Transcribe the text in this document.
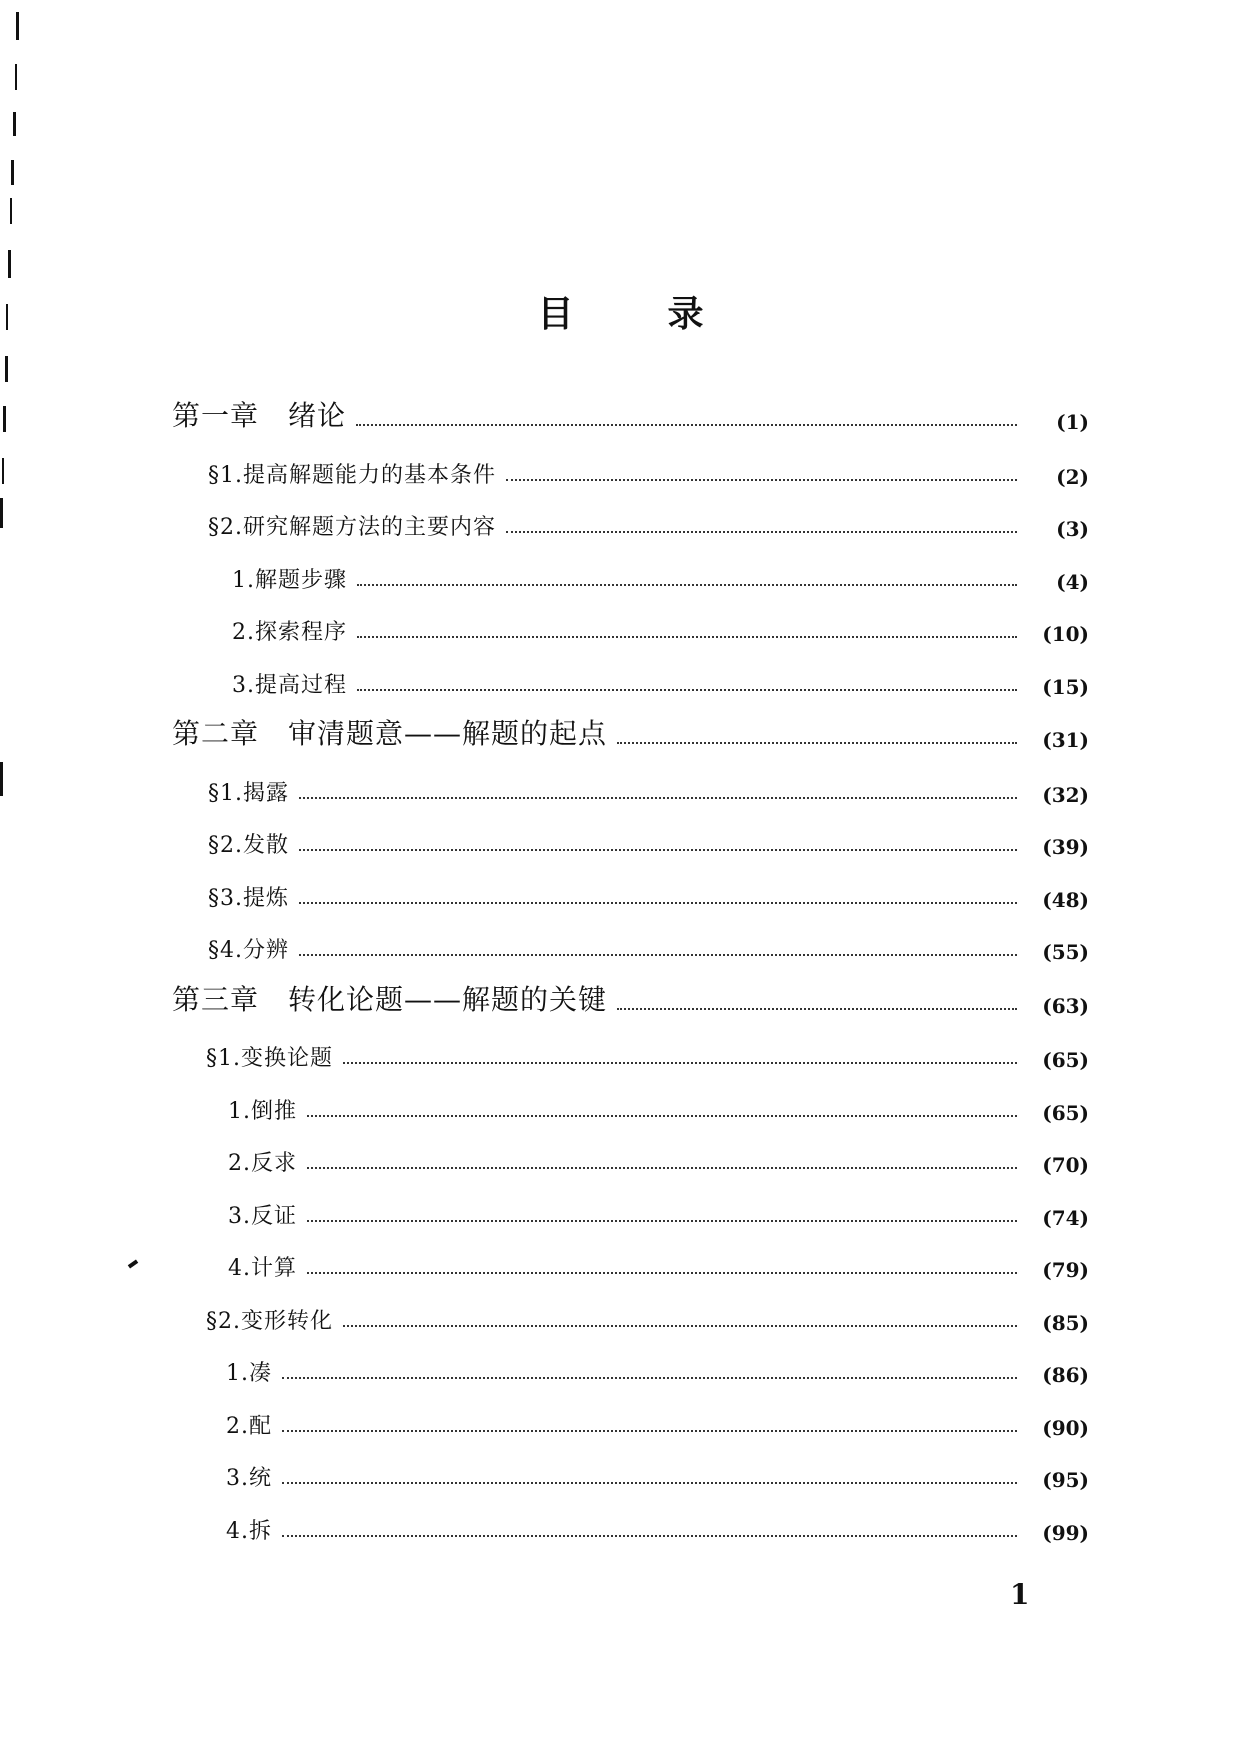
目	录
第一章　绪论	(1)
§1.提高解题能力的基本条件	(2)
§2.研究解题方法的主要内容	(3)
1.解题步骤	(4)
2.探索程序	(10)
3.提高过程	(15)
第二章　审清题意——解题的起点	(31)
§1.揭露	(32)
§2.发散	(39)
§3.提炼	(48)
§4.分辨	(55)
第三章　转化论题——解题的关键	(63)
§1.变换论题	(65)
1.倒推	(65)
2.反求	(70)
3.反证	(74)
4.计算	(79)
§2.变形转化	(85)
1.凑	(86)
2.配	(90)
3.统	(95)
4.拆	(99)
1
